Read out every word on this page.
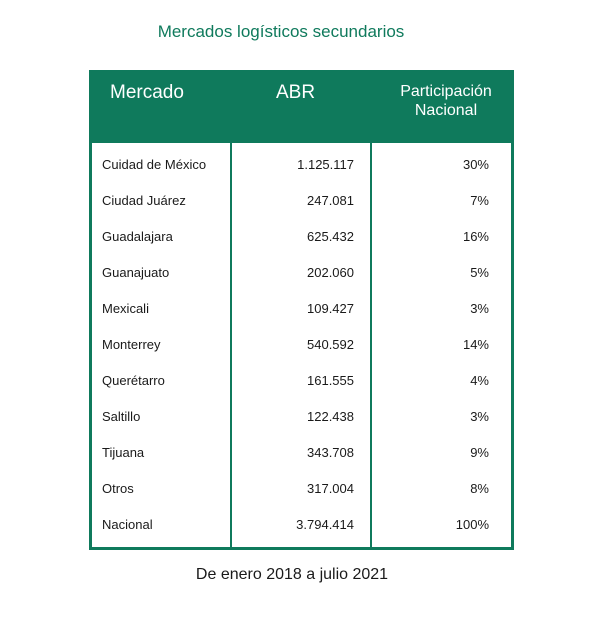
Mercados logísticos secundarios
Mercado	ABR	Participación Nacional
Cuidad de México	1.125.117	30%
Ciudad Juárez	247.081	7%
Guadalajara	625.432	16%
Guanajuato	202.060	5%
Mexicali	109.427	3%
Monterrey	540.592	14%
Querétarro	161.555	4%
Saltillo	122.438	3%
Tijuana	343.708	9%
Otros	317.004	8%
Nacional	3.794.414	100%
De enero 2018 a julio 2021
